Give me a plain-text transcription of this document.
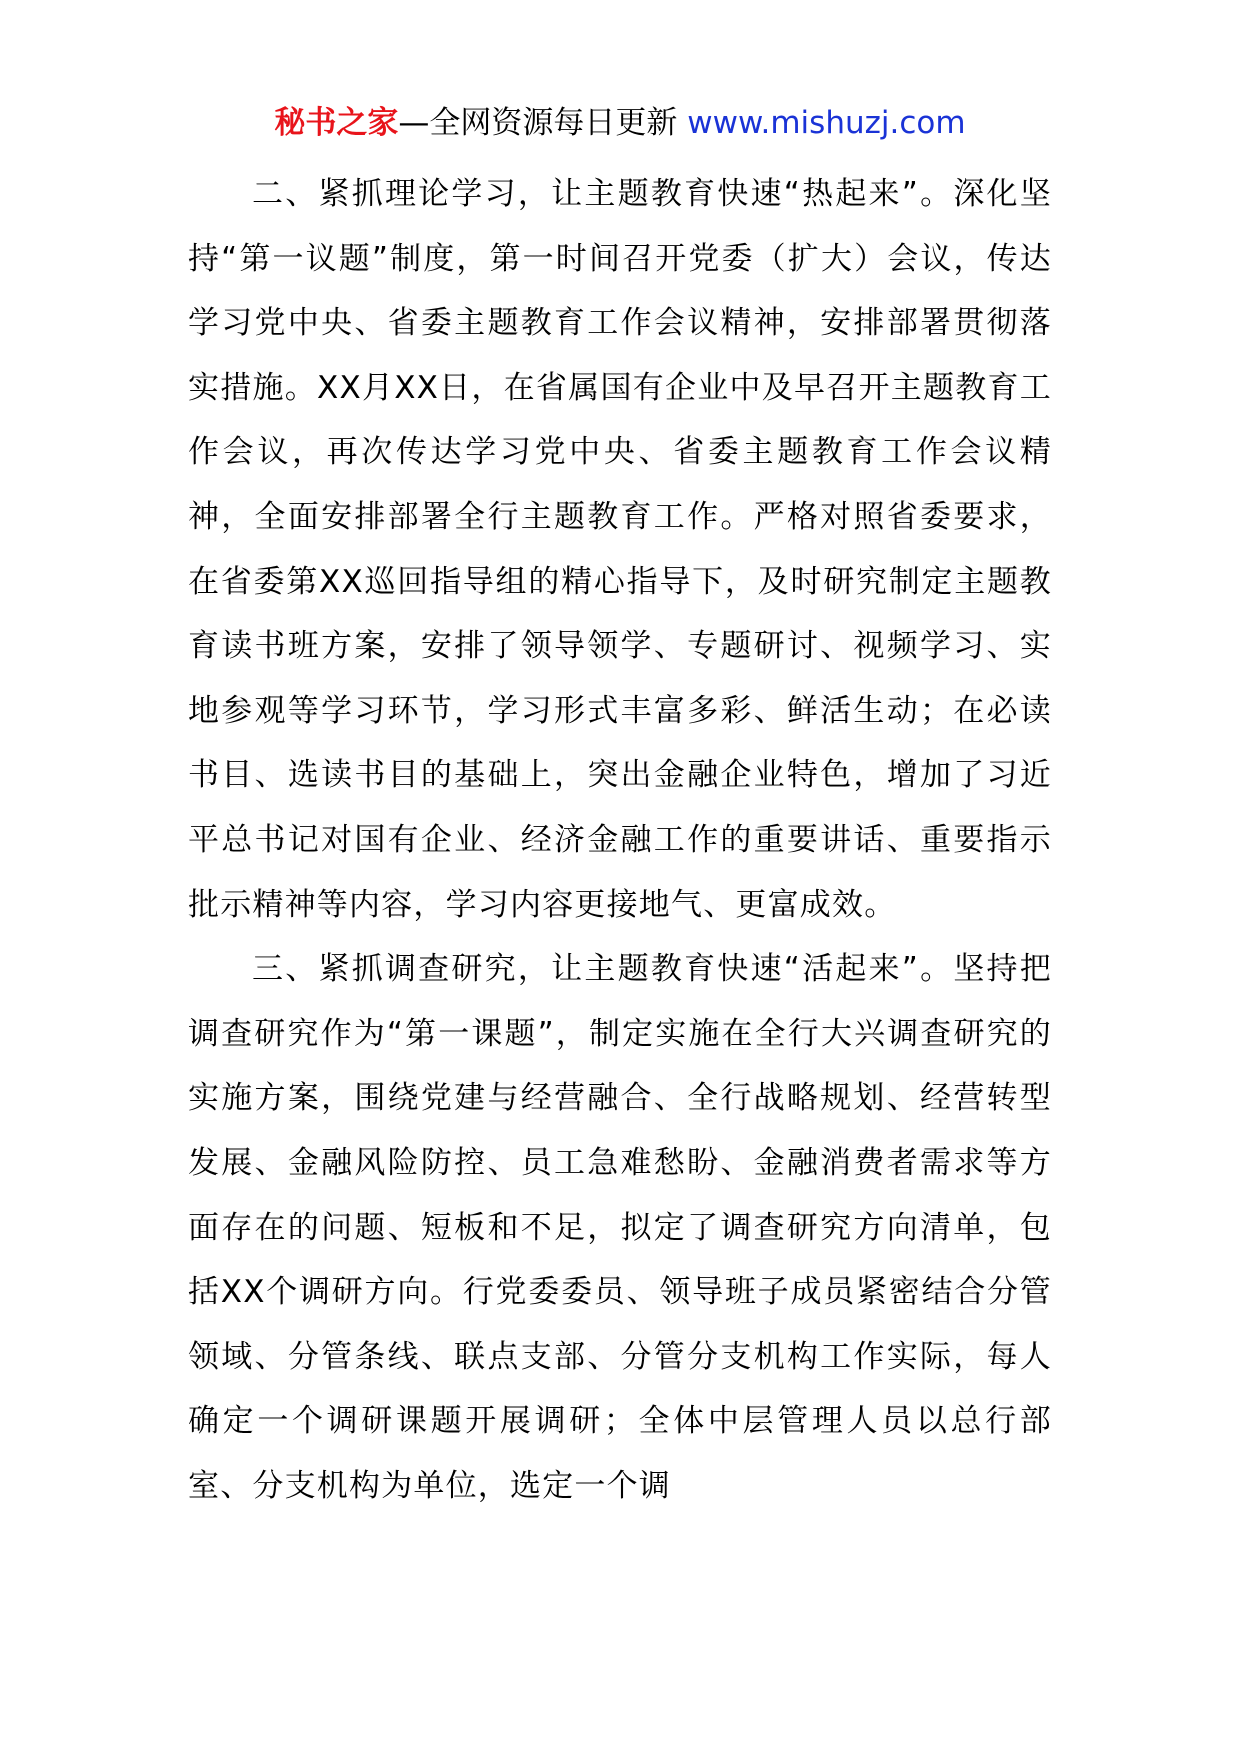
秘书之家—全网资源每日更新 www.mishuzj.com

二、紧抓理论学习，让主题教育快速“热起来”。深化坚持“第一议题”制度，第一时间召开党委（扩大）会议，传达学习党中央、省委主题教育工作会议精神，安排部署贯彻落实措施。XX月XX日，在省属国有企业中及早召开主题教育工作会议，再次传达学习党中央、省委主题教育工作会议精神，全面安排部署全行主题教育工作。严格对照省委要求，在省委第XX巡回指导组的精心指导下，及时研究制定主题教育读书班方案，安排了领导领学、专题研讨、视频学习、实地参观等学习环节，学习形式丰富多彩、鲜活生动；在必读书目、选读书目的基础上，突出金融企业特色，增加了习近平总书记对国有企业、经济金融工作的重要讲话、重要指示批示精神等内容，学习内容更接地气、更富成效。

三、紧抓调查研究，让主题教育快速“活起来”。坚持把调查研究作为“第一课题”，制定实施在全行大兴调查研究的实施方案，围绕党建与经营融合、全行战略规划、经营转型发展、金融风险防控、员工急难愁盼、金融消费者需求等方面存在的问题、短板和不足，拟定了调查研究方向清单，包括XX个调研方向。行党委委员、领导班子成员紧密结合分管领域、分管条线、联点支部、分管分支机构工作实际，每人确定一个调研课题开展调研；全体中层管理人员以总行部室、分支机构为单位，选定一个调
